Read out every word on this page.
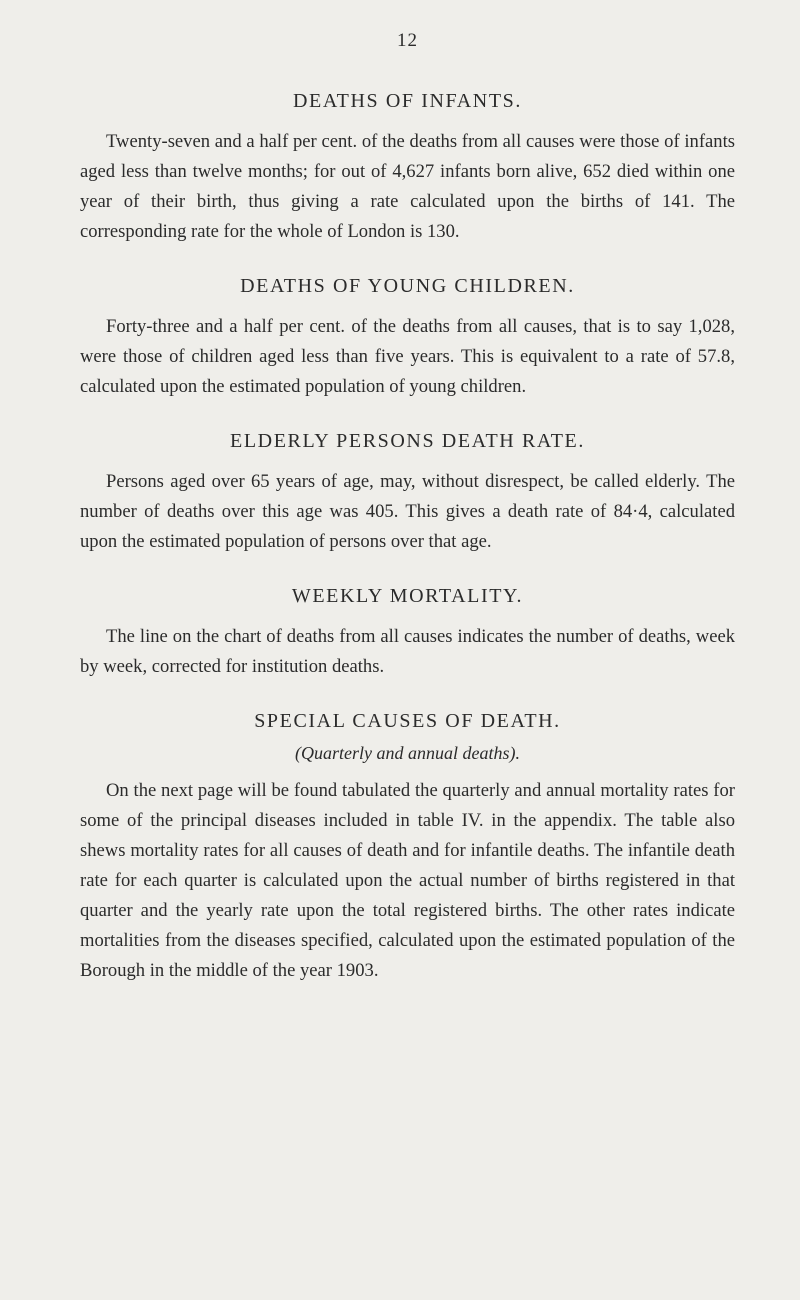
12
DEATHS OF INFANTS.

Twenty-seven and a half per cent. of the deaths from all causes were those of infants aged less than twelve months; for out of 4,627 infants born alive, 652 died within one year of their birth, thus giving a rate calculated upon the births of 141. The corresponding rate for the whole of London is 130.

DEATHS OF YOUNG CHILDREN.

Forty-three and a half per cent. of the deaths from all causes, that is to say 1,028, were those of children aged less than five years. This is equivalent to a rate of 57.8, calculated upon the estimated population of young children.

ELDERLY PERSONS DEATH RATE.

Persons aged over 65 years of age, may, without disrespect, be called elderly. The number of deaths over this age was 405. This gives a death rate of 84·4, calculated upon the estimated population of persons over that age.

WEEKLY MORTALITY.

The line on the chart of deaths from all causes indicates the number of deaths, week by week, corrected for institution deaths.

SPECIAL CAUSES OF DEATH.
(Quarterly and annual deaths).

On the next page will be found tabulated the quarterly and annual mortality rates for some of the principal diseases included in table IV. in the appendix. The table also shews mortality rates for all causes of death and for infantile deaths. The infantile death rate for each quarter is calculated upon the actual number of births registered in that quarter and the yearly rate upon the total registered births. The other rates indicate mortalities from the diseases specified, calculated upon the estimated population of the Borough in the middle of the year 1903.
